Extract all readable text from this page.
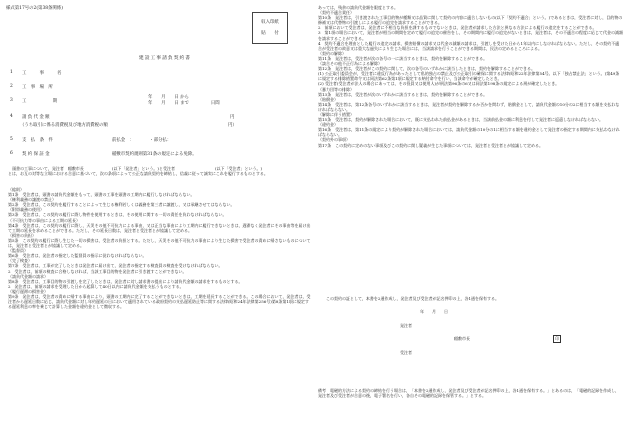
様式第17号の2(第38条関係)
収入印紙
貼　　付
建設工事請負契約書
1 工　　　事　　　名
2 工　事　場　所
3 工　　　　　　期
年　　月　　日 から
年　　月　　日 まで　　　　　日間
4 請 負 代 金 額	円
（うち取引に係る消費税及び地方消費税の額	円）
5 支　払　条　件	前払金　：　　　　・部分払：　　　　
6 契 約 保 証 金	稲敷市契約規則第31条の規定による免除。
　頭書の工事について，発注者　稲敷市長　　　　　　　(以下「発注者」という。)と受注者　　　　　　　　　　(以下「受注者」という。)
とは，お互の対等な立場における合意に基づいて，次の条項によって公正な請負契約を締結し，信義に従って誠実にこれを履行するものとする。
（総則）
第1条　受注者は，頭書の請負代金額をもって，頭書の工事を頭書の工期内に履行しなければならない。
（権利義務の譲渡の禁止）
第2条　受注者は，この契約を履行することによって生じる権利若しくは義務を第三者に譲渡し，又は承継させてはならない。
（附帯義務の使用）
第3条　受注者は，この契約の履行に際し物件を使用するときは，その使用に関する一切の責任を負わなければならない。
（不可抗力等の事由による工期の延長）
第4条　受注者は，この契約の履行に際し，天災その他不可抗力による事由，又は正当な事由により工期内に履行できないときは，遅滞なく発注者にその事由等を届け出て工期の延長を求めることができる。ただし，その延長日数は，発注者と受注者とが協議して定める。
（損害の負担）
第5条　この契約の履行に際し生じた一切の損害は，受注者の負担とする。ただし，天災その他不可抗力の事由により生じた損害で受注者の責めに帰さないものについては，発注者と受注者とが協議して定める。
（監督員）
第6条　受注者は，発注者の指定した監督員の指示に従わなければならない。
（完了検査）
第7条　受注者は，工事が完了したときは発注者に届け出て，発注者の指定する検査員の検査を受けなければならない。
2　受注者は，前項の検査に合格しなければ，当該工事目的物を発注者に引き渡すことができない。
（請負代金額の請求）
第8条　受注者は，工事目的物の引渡しを完了したときは，発注者に対し請求書の提出により請負代金額の請求をするものとする。
2　発注者は，前項の請求を受理した日から起算して40日以内に請負代金額を支払うものとする。
（履行遅滞の損害金）
第9条　発注者は，受注者の責めに帰する事由により，頭書の工期内に完了することができないときは，工期を延長することができる。この場合において，発注者は，受注者から遅延日数に応じ，請負代金額に対し年約遅延の日において適用されている政府契約の支払遅延防止等に関する法律(昭和24年法律第256号)第8条第1項に規定する遅延利息の率を乗じて計算した金額を違約金として徴収する。
あっては，残余の請負代金額を限度とする。
（契約不適合責任）
第10条　発注者は，引き渡された工事目的物が種類又は品質に関して契約の内容に適合しないもの(以下「契約不適合」という。)であるときは，受注者に対し，目的物の修補又は代替物の引渡しによる履行の追完を請求することができる。
2　前項において受注者は，発注者に不相当な負担を課するものでないときは，発注者が請求した方法と異なる方法による履行の追完をすることができる。
3　第1項の場合において，発注者が相当の期間を定めて履行の追完の催告をし，その期間内に履行の追完がないときは，発注者は，その不適合の程度に応じて代金の減額を請求することができる。
4　契約不適合を理由とした履行の追完の請求，損害賠償の請求又は代金の減額の請求は，引渡しを受けた日から1年以内にしなければならない。ただし，その契約不適合が受注者の故意又は重大な過失により生じた場合には，当該請求を行うことができる期間は，民法の定めるところによる。
（契約の解除）
第11条　発注者は，受注者が次の各号の一に該当するときは，契約を解除することができる。
（談合その他不正行為による解除）
第12条　発注者は，受注者がこの契約に関して，次の各号のいずれかに該当したときは，契約を解除することができる。
(1) 公正取引委員会が，受注者に違反行為があったとして私的独占の禁止及び公正取引の確保に関する法律(昭和22年法律第54号。以下「独占禁止法」という。)第49条に規定する排除措置命令又は同法第62条第1項に規定する納付命令を行い，当該命令が確定したとき。
(2) 受注者(受注者が法人の場合にあっては，その役員又は使用人)が刑法第96条の6又は同法第198条の規定による刑が確定したとき。
（暴力団等の排除）
第13条　発注者は，受注者が次のいずれかに該当するときは，契約を解除することができる。
（賠償金）
第14条　受注者は，第12条各号のいずれかに該当するときは，発注者が契約を解除するか否かを問わず，賠償金として，請負代金額の10分の2に相当する額を支払わなければならない。
（解除に伴う措置）
第15条　受注者は，契約が解除された場合において，既に支払われた前払金があるときは，当該前払金の額に利息を付して発注者に返還しなければならない。
（違約金）
第16条　受注者は，第11条の規定により契約が解除された場合においては，請負代金額の10分の1に相当する額を違約金として発注者の指定する期間内に支払わなければならない。
（契約外の事項）
第17条　この契約に定めのない事項及びこの契約に関し疑義が生じた事項については，発注者と受注者とが協議して定める。
この契約の証として，本書を2通作成し，発注者及び受注者が記名押印の上，各1通を保有する。
年　　月　　日
発注者
稲敷市長	印
受注者
備考　電磁的方法による契約の締結を行う場合は，「本書を2通作成し，発注者及び受注者が記名押印の上，各1通を保有する。」とあるのは，「電磁的記録を作成し，発注者及び受注者が合意の後，電子署名を行い，各自その電磁的記録を保管する。」とする。
